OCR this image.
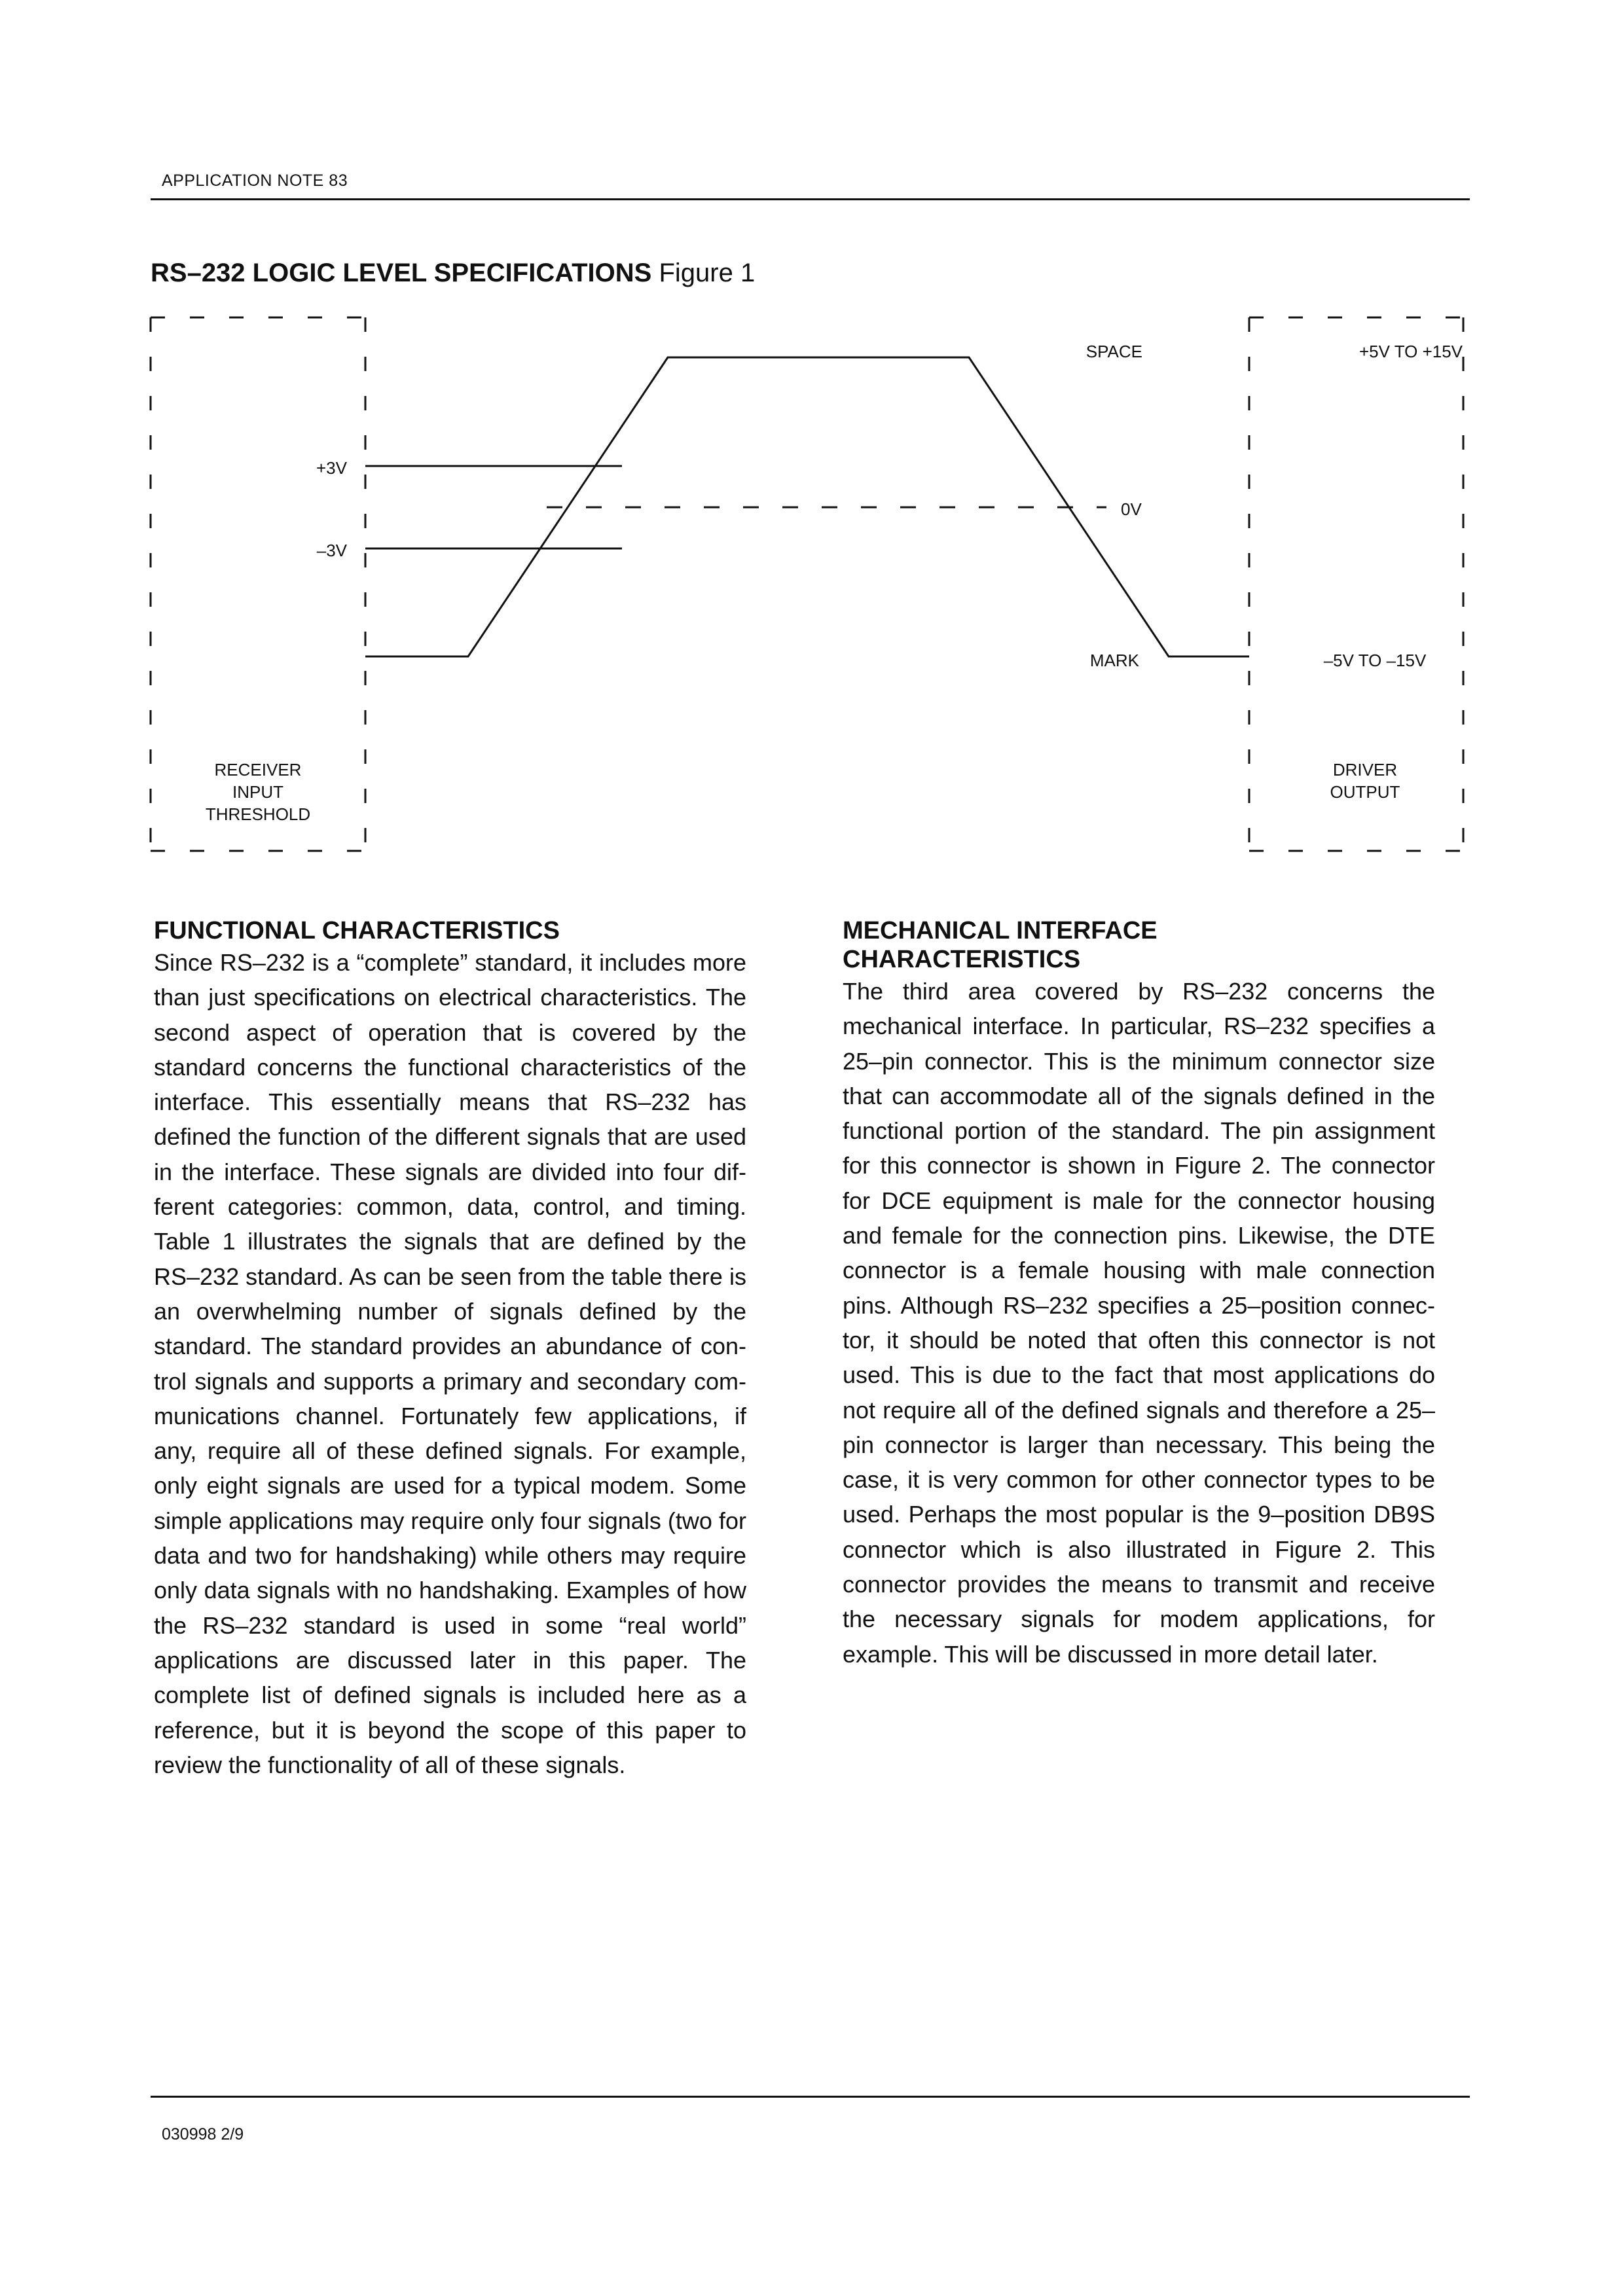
APPLICATION NOTE 83
RS–232 LOGIC LEVEL SPECIFICATIONS Figure 1
+3V
–3V
SPACE
0V
MARK
+5V TO +15V
–5V TO –15V
RECEIVER
INPUT
THRESHOLD
DRIVER
OUTPUT
FUNCTIONAL CHARACTERISTICS

Since RS–232 is a “complete” standard, it includes more than just specifications on electrical characteristics. The second aspect of operation that is covered by the standard concerns the functional characteristics of the interface. This essentially means that RS–232 has defined the function of the different signals that are used in the interface. These signals are divided into four different categories: common, data, control, and timing. Table 1 illustrates the signals that are defined by the RS–232 standard. As can be seen from the table there is an overwhelming number of signals defined by the standard. The standard provides an abundance of control signals and supports a primary and secondary communications channel. Fortunately few applications, if any, require all of these defined signals. For example, only eight signals are used for a typical modem. Some simple applications may require only four signals (two for data and two for handshaking) while others may require only data signals with no handshaking. Examples of how the RS–232 standard is used in some “real world” applications are discussed later in this paper. The complete list of defined signals is included here as a reference, but it is beyond the scope of this paper to review the functionality of all of these signals.

MECHANICAL INTERFACE
CHARACTERISTICS

The third area covered by RS–232 concerns the mechanical interface. In particular, RS–232 specifies a 25–pin connector. This is the minimum connector size that can accommodate all of the signals defined in the functional portion of the standard. The pin assignment for this connector is shown in Figure 2. The connector for DCE equipment is male for the connector housing and female for the connection pins. Likewise, the DTE connector is a female housing with male connection pins. Although RS–232 specifies a 25–position connector, it should be noted that often this connector is not used. This is due to the fact that most applications do not require all of the defined signals and therefore a 25–pin connector is larger than necessary. This being the case, it is very common for other connector types to be used. Perhaps the most popular is the 9–position DB9S connector which is also illustrated in Figure 2. This connector provides the means to transmit and receive the necessary signals for modem applications, for example. This will be discussed in more detail later.

030998 2/9
